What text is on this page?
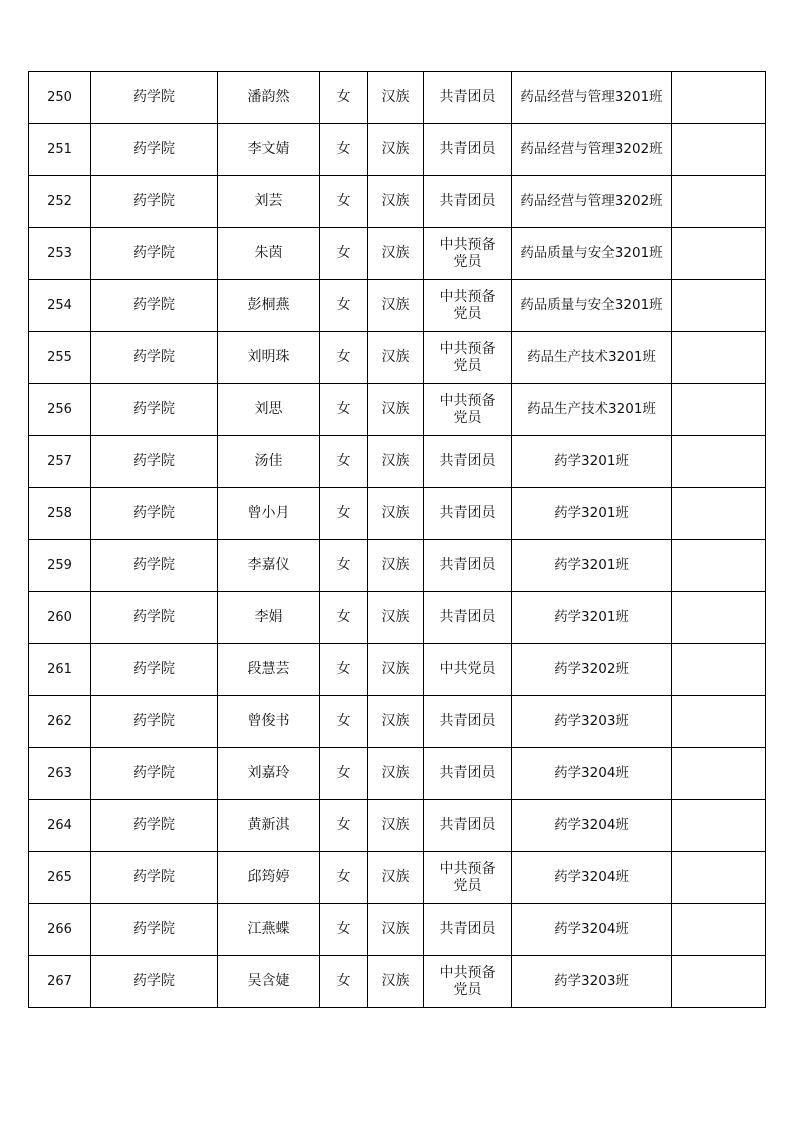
250	药学院	潘韵然	女	汉族	共青团员	药品经营与管理3201班	
251	药学院	李文婧	女	汉族	共青团员	药品经营与管理3202班	
252	药学院	刘芸	女	汉族	共青团员	药品经营与管理3202班	
253	药学院	朱茵	女	汉族	中共预备党员	药品质量与安全3201班	
254	药学院	彭桐燕	女	汉族	中共预备党员	药品质量与安全3201班	
255	药学院	刘明珠	女	汉族	中共预备党员	药品生产技术3201班	
256	药学院	刘思	女	汉族	中共预备党员	药品生产技术3201班	
257	药学院	汤佳	女	汉族	共青团员	药学3201班	
258	药学院	曾小月	女	汉族	共青团员	药学3201班	
259	药学院	李嘉仪	女	汉族	共青团员	药学3201班	
260	药学院	李娟	女	汉族	共青团员	药学3201班	
261	药学院	段慧芸	女	汉族	中共党员	药学3202班	
262	药学院	曾俊书	女	汉族	共青团员	药学3203班	
263	药学院	刘嘉玲	女	汉族	共青团员	药学3204班	
264	药学院	黄新淇	女	汉族	共青团员	药学3204班	
265	药学院	邱筠婷	女	汉族	中共预备党员	药学3204班	
266	药学院	江燕蝶	女	汉族	共青团员	药学3204班	
267	药学院	吴含婕	女	汉族	中共预备党员	药学3203班	
